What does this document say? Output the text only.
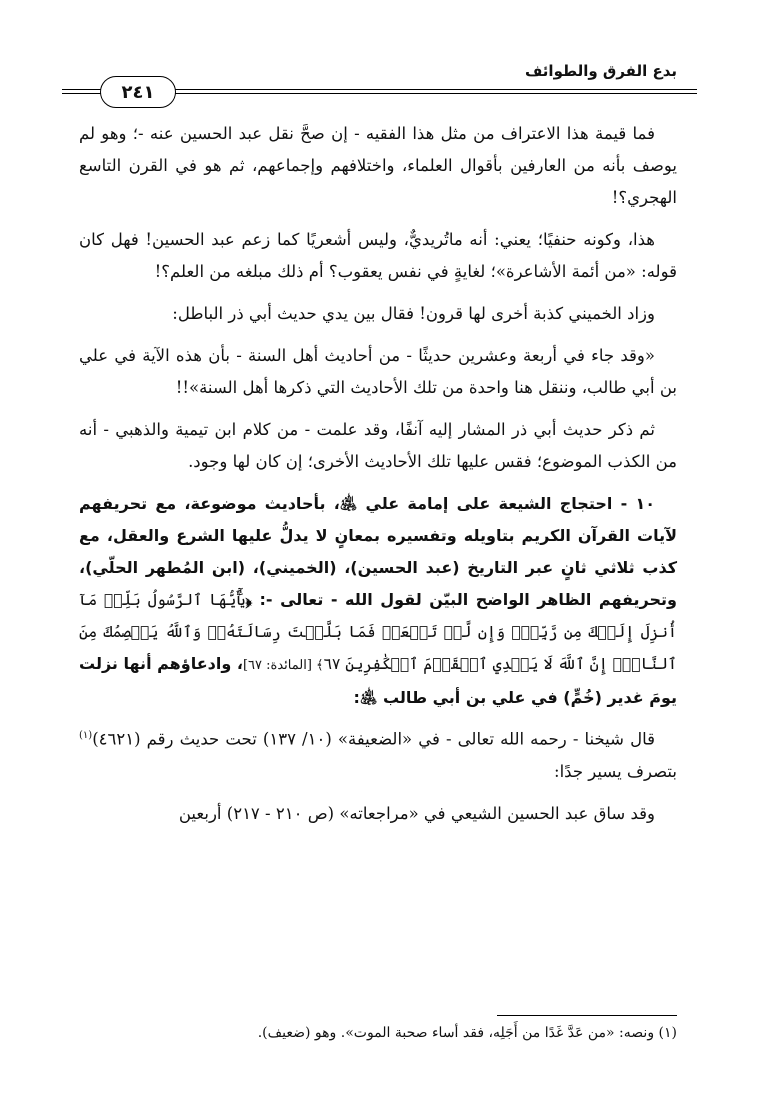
بدع الفرق والطوائف
٢٤١

فما قيمة هذا الاعتراف من مثل هذا الفقيه - إن صحَّ نقل عبد الحسين عنه -؛ وهو لم يوصف بأنه من العارفين بأقوال العلماء، واختلافهم وإجماعهم، ثم هو في القرن التاسع الهجري؟!

هذا، وكونه حنفيًا؛ يعني: أنه ماتُريديٌّ، وليس أشعريًا كما زعم عبد الحسين! فهل كان قوله: «من أئمة الأشاعرة»؛ لغايةٍ في نفس يعقوب؟ أم ذلك مبلغه من العلم؟!

وزاد الخميني كذبة أخرى لها قرون! فقال بين يدي حديث أبي ذر الباطل:

«وقد جاء في أربعة وعشرين حديثًا - من أحاديث أهل السنة - بأن هذه الآية في علي بن أبي طالب، وننقل هنا واحدة من تلك الأحاديث التي ذكرها أهل السنة»!!

ثم ذكر حديث أبي ذر المشار إليه آنفًا، وقد علمت - من كلام ابن تيمية والذهبي - أنه من الكذب الموضوع؛ فقس عليها تلك الأحاديث الأخرى؛ إن كان لها وجود.

١٠ - احتجاج الشيعة على إمامة علي ﵁، بأحاديث موضوعة، مع تحريفهم لآيات القرآن الكريم بتاويله وتفسيره بمعانٍ لا يدلُّ عليها الشرع والعقل، مع كذب ثلاثي ثانٍ عبر التاريخ (عبد الحسين)، (الخميني)، (ابن المُطهر الحلّي)، وتحريفهم الظاهر الواضح البيّن لقول الله - تعالى -: ﴿يَٰٓأَيُّهَا ٱلرَّسُولُ بَلِّغۡ مَآ أُنزِلَ إِلَيۡكَ مِن رَّبِّكَۖ وَإِن لَّمۡ تَفۡعَلۡ فَمَا بَلَّغۡتَ رِسَالَتَهُۥۚ وَٱللَّهُ يَعۡصِمُكَ مِنَ ٱلنَّاسِۗ إِنَّ ٱللَّهَ لَا يَهۡدِي ٱلۡقَوۡمَ ٱلۡكَٰفِرِينَ ٦٧﴾ [المائدة: ٦٧]، وادعاؤهم أنها نزلت يومَ غدير (خُمٍّ) في علي بن أبي طالب ﵁:

قال شيخنا - رحمه الله تعالى - في «الضعيفة» (١٠/ ١٣٧) تحت حديث رقم (٤٦٢١)$^{(١)}$ بتصرف يسير جدًا:

وقد ساق عبد الحسين الشيعي في «مراجعاته» (ص ٢١٠ - ٢١٧) أربعين

(١) ونصه: «من عَدَّ غَدًا من أَجَلِه، فقد أساء صحبة الموت». وهو (ضعيف).
